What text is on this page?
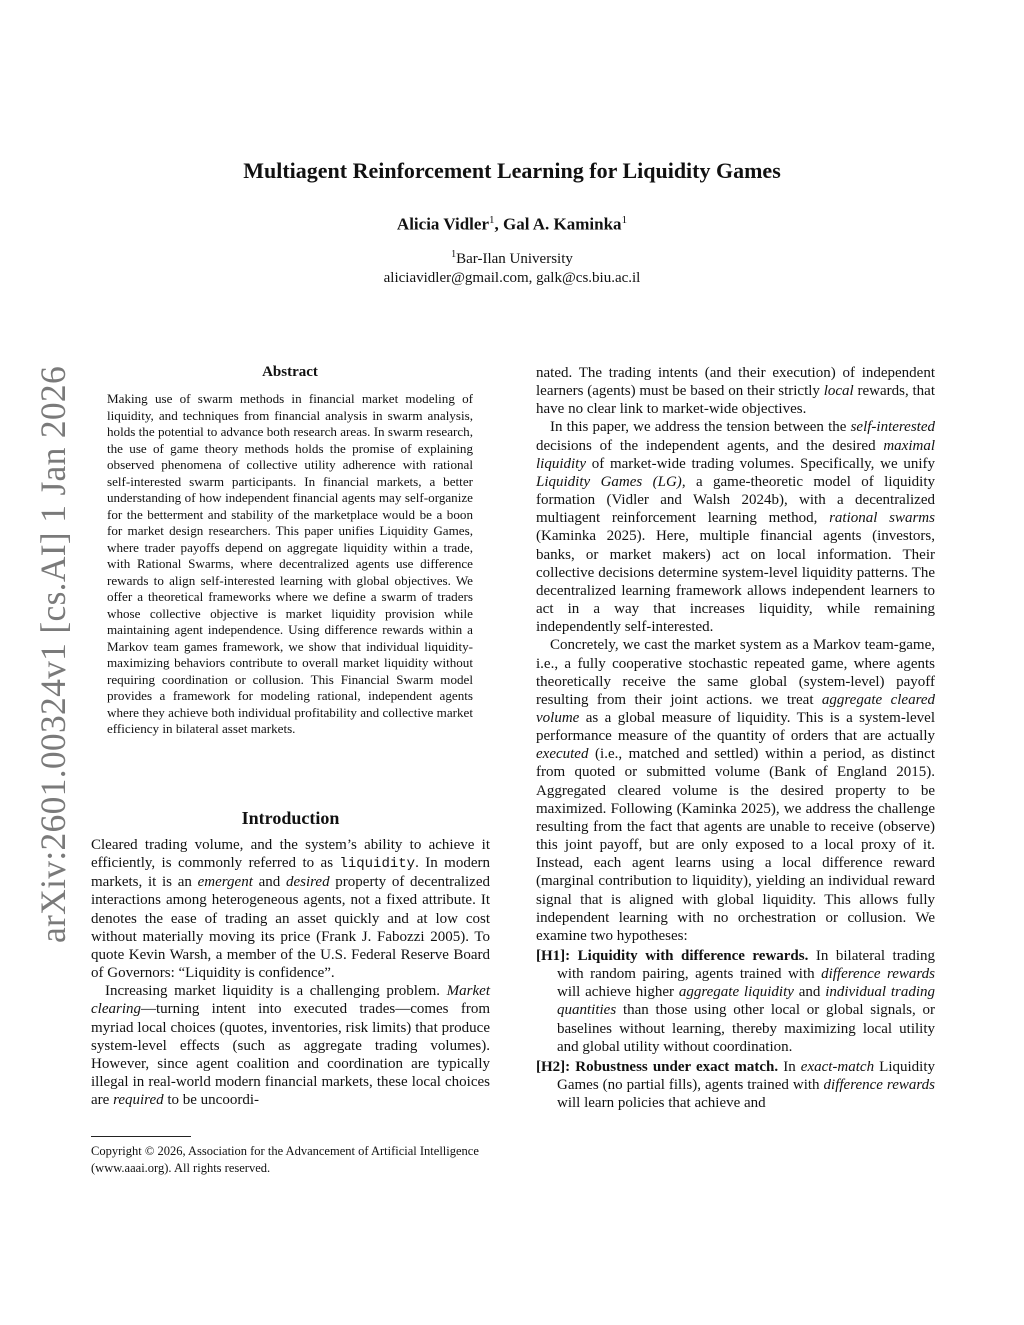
arXiv:2601.00324v1 [cs.AI] 1 Jan 2026
Multiagent Reinforcement Learning for Liquidity Games
Alicia Vidler$^1$, Gal A. Kaminka$^1$
$^1$Bar-Ilan University
aliciavidler@gmail.com, galk@cs.biu.ac.il
Abstract

Making use of swarm methods in financial market modeling of liquidity, and techniques from financial analysis in swarm analysis, holds the potential to advance both research areas. In swarm research, the use of game theory methods holds the promise of explaining observed phenomena of collective utility adherence with rational self-interested swarm participants. In financial markets, a better understanding of how independent financial agents may self-organize for the betterment and stability of the marketplace would be a boon for market design researchers. This paper unifies Liquidity Games, where trader payoffs depend on aggregate liquidity within a trade, with Rational Swarms, where decentralized agents use difference rewards to align self-interested learning with global objectives. We offer a theoretical frameworks where we define a swarm of traders whose collective objective is market liquidity provision while maintaining agent independence. Using difference rewards within a Markov team games framework, we show that individual liquidity-maximizing behaviors contribute to overall market liquidity without requiring coordination or collusion. This Financial Swarm model provides a framework for modeling rational, independent agents where they achieve both individual profitability and collective market efficiency in bilateral asset markets.

Introduction

Cleared trading volume, and the system’s ability to achieve it efficiently, is commonly referred to as liquidity. In modern markets, it is an emergent and desired property of decentralized interactions among heterogeneous agents, not a fixed attribute. It denotes the ease of trading an asset quickly and at low cost without materially moving its price (Frank J. Fabozzi 2005). To quote Kevin Warsh, a member of the U.S. Federal Reserve Board of Governors: “Liquidity is confidence”.

Increasing market liquidity is a challenging problem. Market clearing—turning intent into executed trades—comes from myriad local choices (quotes, inventories, risk limits) that produce system-level effects (such as aggregate trading volumes). However, since agent coalition and coordination are typically illegal in real-world modern financial markets, these local choices are required to be uncoordi-

Copyright © 2026, Association for the Advancement of Artificial Intelligence (www.aaai.org). All rights reserved.

nated. The trading intents (and their execution) of independent learners (agents) must be based on their strictly local rewards, that have no clear link to market-wide objectives.

In this paper, we address the tension between the self-interested decisions of the independent agents, and the desired maximal liquidity of market-wide trading volumes. Specifically, we unify Liquidity Games (LG), a game-theoretic model of liquidity formation (Vidler and Walsh 2024b), with a decentralized multiagent reinforcement learning method, rational swarms (Kaminka 2025). Here, multiple financial agents (investors, banks, or market makers) act on local information. Their collective decisions determine system-level liquidity patterns. The decentralized learning framework allows independent learners to act in a way that increases liquidity, while remaining independently self-interested.

Concretely, we cast the market system as a Markov team-game, i.e., a fully cooperative stochastic repeated game, where agents theoretically receive the same global (system-level) payoff resulting from their joint actions. we treat aggregate cleared volume as a global measure of liquidity. This is a system-level performance measure of the quantity of orders that are actually executed (i.e., matched and settled) within a period, as distinct from quoted or submitted volume (Bank of England 2015). Aggregated cleared volume is the desired property to be maximized. Following (Kaminka 2025), we address the challenge resulting from the fact that agents are unable to receive (observe) this joint payoff, but are only exposed to a local proxy of it. Instead, each agent learns using a local difference reward (marginal contribution to liquidity), yielding an individual reward signal that is aligned with global liquidity. This allows fully independent learning with no orchestration or collusion. We examine two hypotheses:

[H1]: Liquidity with difference rewards. In bilateral trading with random pairing, agents trained with difference rewards will achieve higher aggregate liquidity and individual trading quantities than those using other local or global signals, or baselines without learning, thereby maximizing local utility and global utility without coordination.

[H2]: Robustness under exact match. In exact-match Liquidity Games (no partial fills), agents trained with difference rewards will learn policies that achieve and
